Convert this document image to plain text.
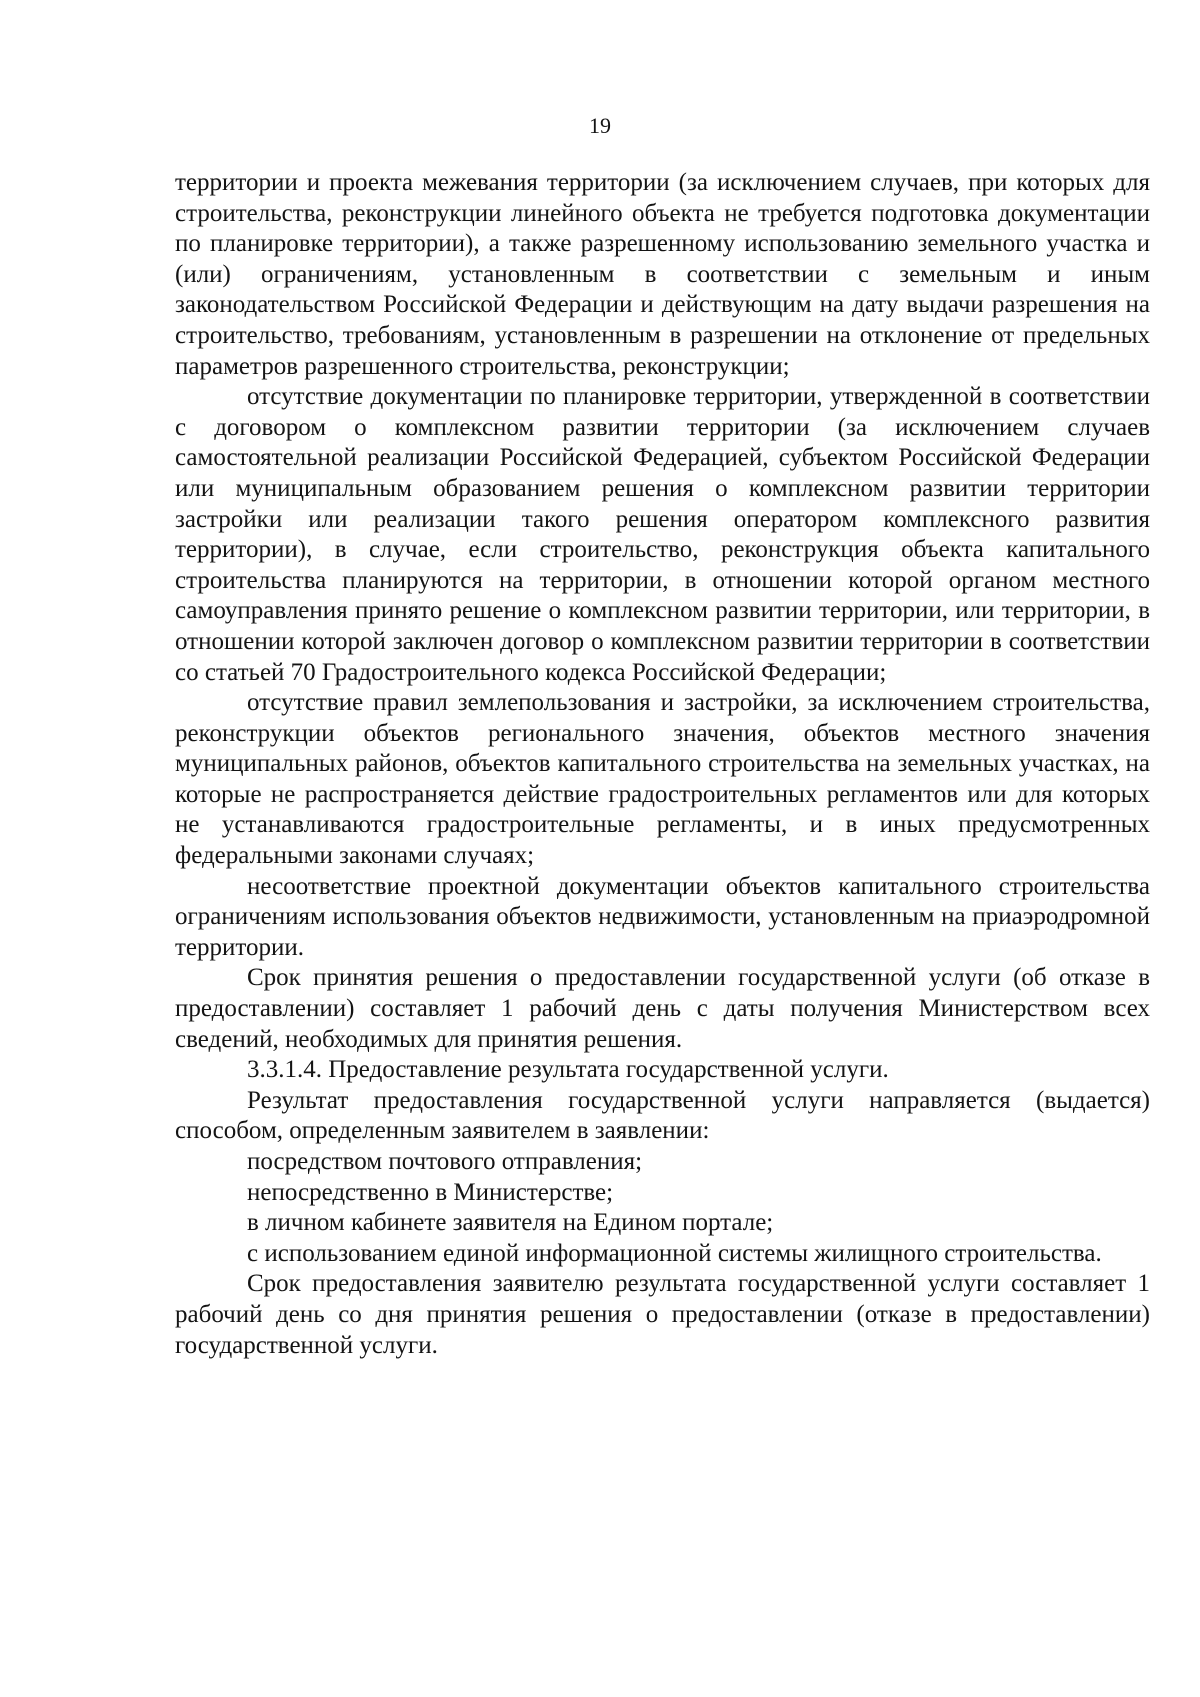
19

территории и проекта межевания территории (за исключением случаев, при которых для строительства, реконструкции линейного объекта не требуется подготовка документации по планировке территории), а также разрешенному использованию земельного участка и (или) ограничениям, установленным в соответствии с земельным и иным законодательством Российской Федерации и действующим на дату выдачи разрешения на строительство, требованиям, установленным в разрешении на отклонение от предельных параметров разрешенного строительства, реконструкции;

отсутствие документации по планировке территории, утвержденной в соответствии с договором о комплексном развитии территории (за исключением случаев самостоятельной реализации Российской Федерацией, субъектом Российской Федерации или муниципальным образованием решения о комплексном развитии территории застройки или реализации такого решения оператором комплексного развития территории), в случае, если строительство, реконструкция объекта капитального строительства планируются на территории, в отношении которой органом местного самоуправления принято решение о комплексном развитии территории, или территории, в отношении которой заключен договор о комплексном развитии территории в соответствии со статьей 70 Градостроительного кодекса Российской Федерации;

отсутствие правил землепользования и застройки, за исключением строительства, реконструкции объектов регионального значения, объектов местного значения муниципальных районов, объектов капитального строительства на земельных участках, на которые не распространяется действие градостроительных регламентов или для которых не устанавливаются градостроительные регламенты, и в иных предусмотренных федеральными законами случаях;

несоответствие проектной документации объектов капитального строительства ограничениям использования объектов недвижимости, установленным на приаэродромной территории.

Срок принятия решения о предоставлении государственной услуги (об отказе в предоставлении) составляет 1 рабочий день с даты получения Министерством всех сведений, необходимых для принятия решения.

3.3.1.4. Предоставление результата государственной услуги.

Результат предоставления государственной услуги направляется (выдается) способом, определенным заявителем в заявлении:

посредством почтового отправления;

непосредственно в Министерстве;

в личном кабинете заявителя на Едином портале;

с использованием единой информационной системы жилищного строительства.

Срок предоставления заявителю результата государственной услуги составляет 1 рабочий день со дня принятия решения о предоставлении (отказе в предоставлении) государственной услуги.
